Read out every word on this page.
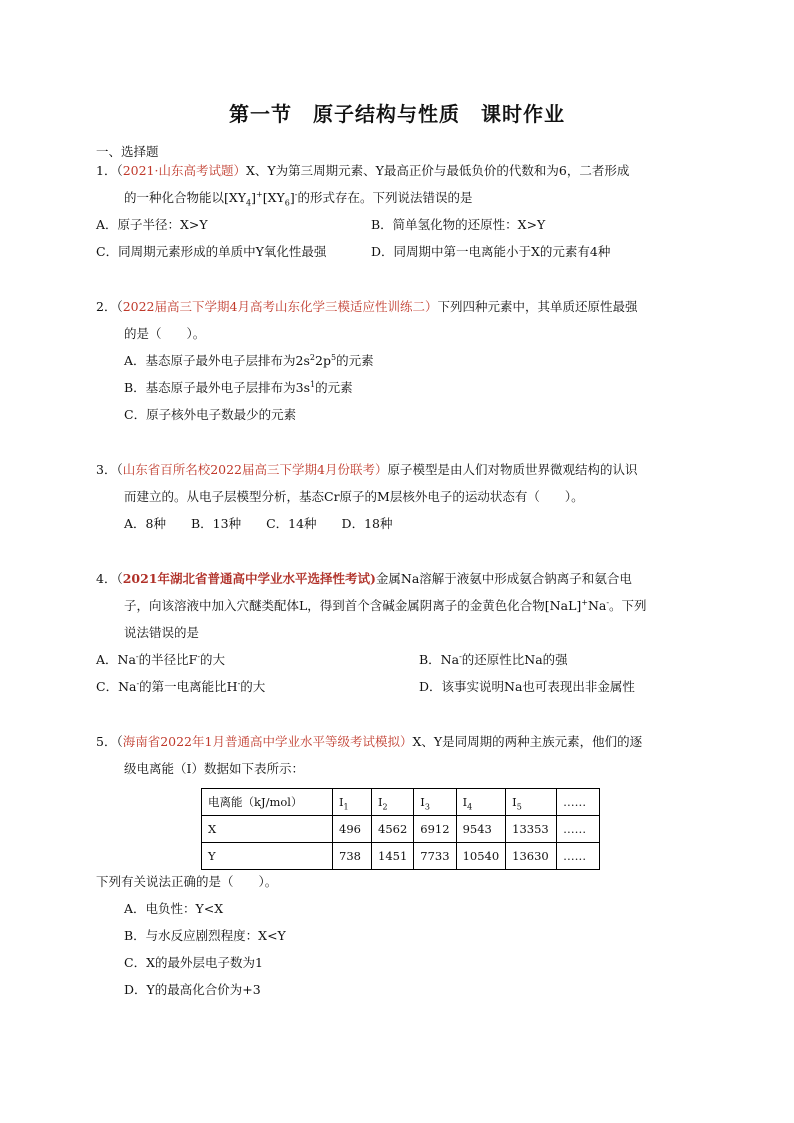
第一节　原子结构与性质　课时作业
一、选择题
1．（2021·山东高考试题）X、Y为第三周期元素、Y最高正价与最低负价的代数和为6，二者形成
的一种化合物能以$[XY_4]^+[XY_6]^-$的形式存在。下列说法错误的是
A．原子半径：X>Y	B．简单氢化物的还原性：X>Y
C．同周期元素形成的单质中Y氧化性最强	D．同周期中第一电离能小于X的元素有4种
2．（2022届高三下学期4月高考山东化学三模适应性训练二）下列四种元素中，其单质还原性最强
的是（　　）。
A．基态原子最外电子层排布为$2s^22p^5$的元素
B．基态原子最外电子层排布为$3s^1$的元素
C．原子核外电子数最少的元素
3．（山东省百所名校2022届高三下学期4月份联考）原子模型是由人们对物质世界微观结构的认识
而建立的。从电子层模型分析，基态Cr原子的M层核外电子的运动状态有（　　）。
A．8种　　B．13种　　C．14种　　D．18种
4．（2021年湖北省普通高中学业水平选择性考试)金属Na溶解于液氨中形成氨合钠离子和氨合电
子，向该溶液中加入穴醚类配体L，得到首个含碱金属阴离子的金黄色化合物[NaL]+Na-。下列
说法错误的是
A．Na-的半径比F-的大	B．Na-的还原性比Na的强
C．Na-的第一电离能比H-的大	D．该事实说明Na也可表现出非金属性
5．（海南省2022年1月普通高中学业水平等级考试模拟）X、Y是同周期的两种主族元素，他们的逐
级电离能（I）数据如下表所示：
电离能（kJ/mol）	$I_1$	$I_2$	$I_3$	$I_4$	$I_5$	……
X	496	4562	6912	9543	13353	……
Y	738	1451	7733	10540	13630	……
下列有关说法正确的是（　　）。
A．电负性：Y<X
B．与水反应剧烈程度：X<Y
C．X的最外层电子数为1
D．Y的最高化合价为+3
